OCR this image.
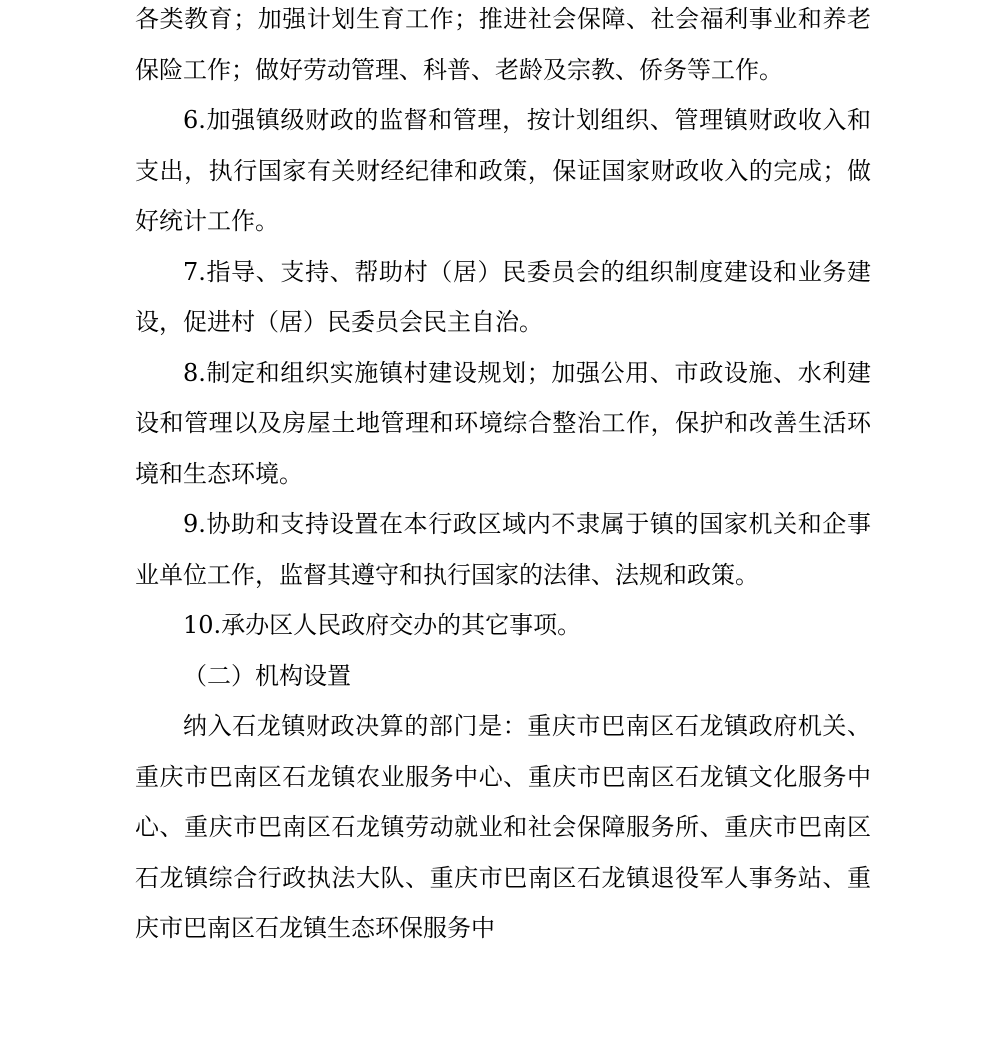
各类教育；加强计划生育工作；推进社会保障、社会福利事业和养老保险工作；做好劳动管理、科普、老龄及宗教、侨务等工作。

6.加强镇级财政的监督和管理，按计划组织、管理镇财政收入和支出，执行国家有关财经纪律和政策，保证国家财政收入的完成；做好统计工作。

7.指导、支持、帮助村（居）民委员会的组织制度建设和业务建设，促进村（居）民委员会民主自治。

8.制定和组织实施镇村建设规划；加强公用、市政设施、水利建设和管理以及房屋土地管理和环境综合整治工作，保护和改善生活环境和生态环境。

9.协助和支持设置在本行政区域内不隶属于镇的国家机关和企事业单位工作，监督其遵守和执行国家的法律、法规和政策。

10.承办区人民政府交办的其它事项。

（二）机构设置

纳入石龙镇财政决算的部门是：重庆市巴南区石龙镇政府机关、重庆市巴南区石龙镇农业服务中心、重庆市巴南区石龙镇文化服务中心、重庆市巴南区石龙镇劳动就业和社会保障服务所、重庆市巴南区石龙镇综合行政执法大队、重庆市巴南区石龙镇退役军人事务站、重庆市巴南区石龙镇生态环保服务中
